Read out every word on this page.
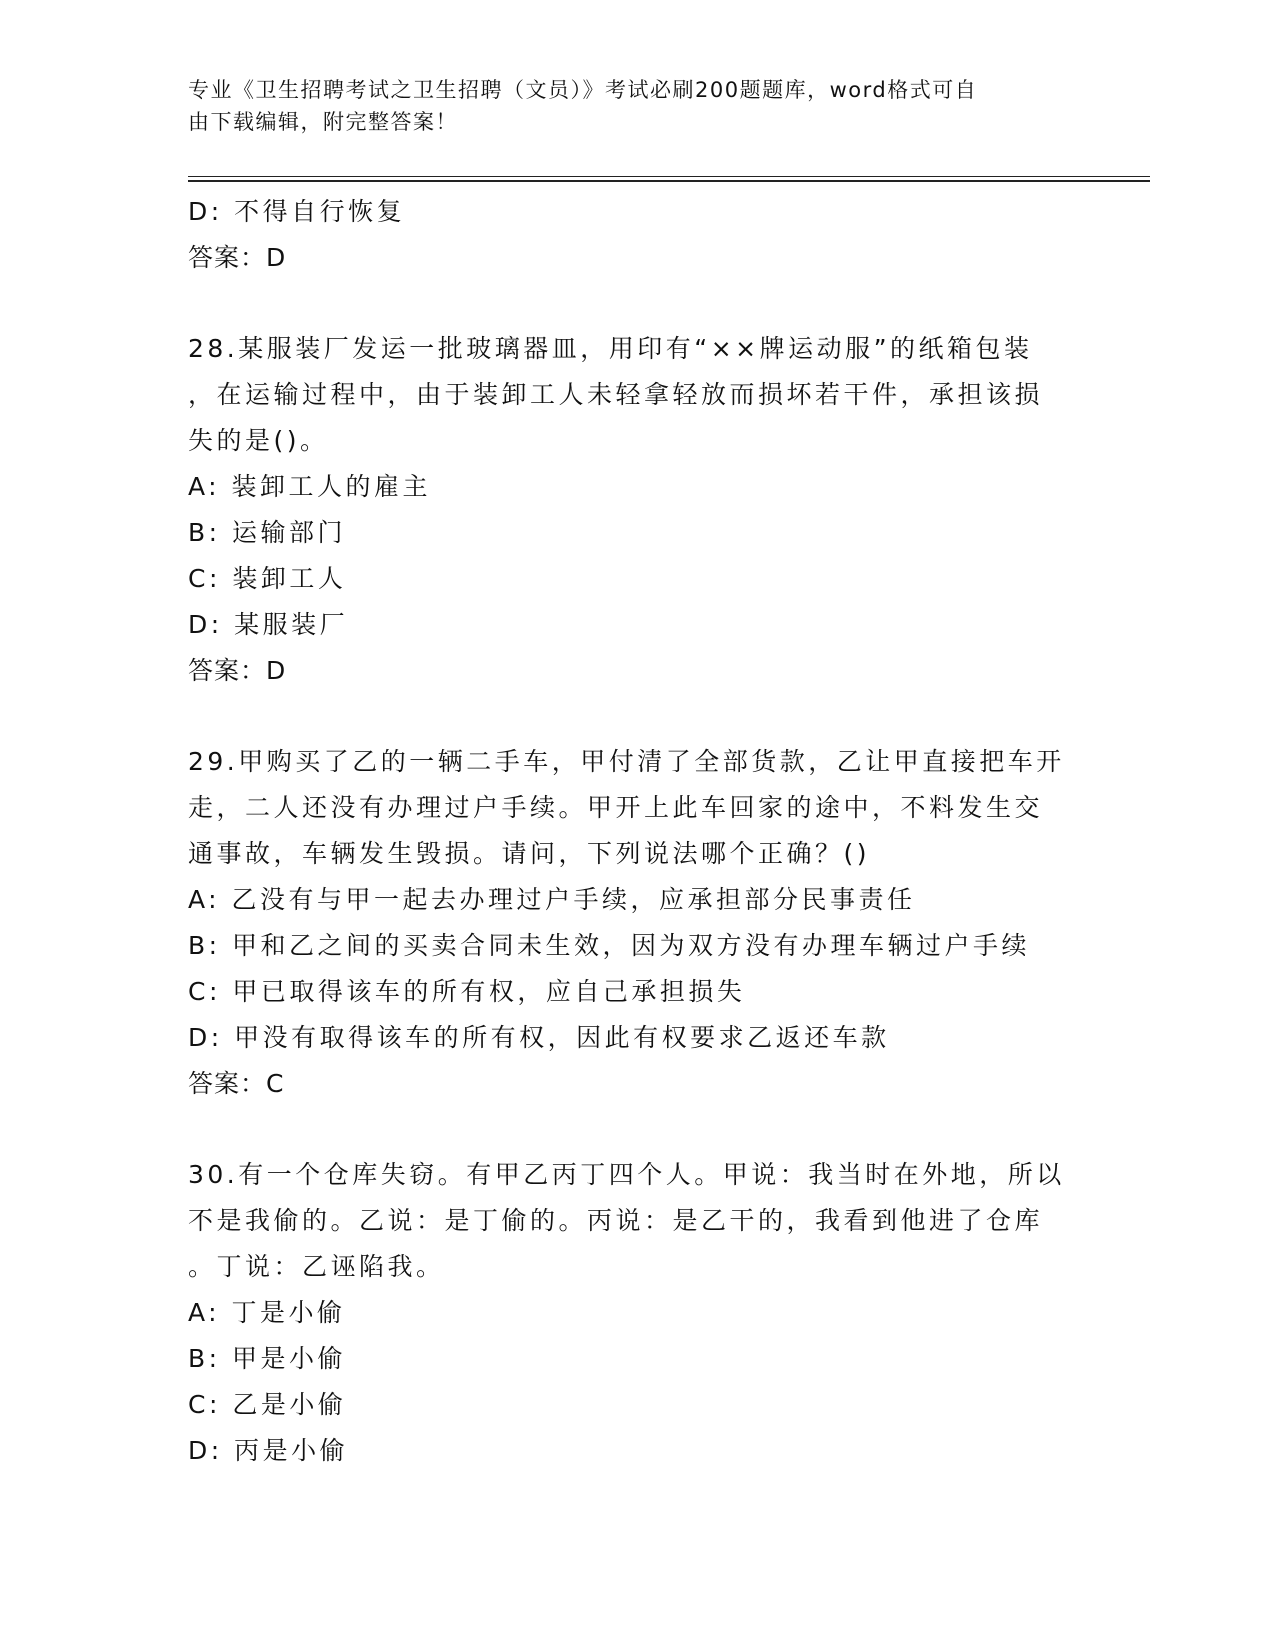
专业《卫生招聘考试之卫生招聘（文员）》考试必刷200题题库，word格式可自
由下载编辑，附完整答案！
D: 不得自行恢复
答案：D
28.某服装厂发运一批玻璃器皿，用印有“××牌运动服”的纸箱包装
，在运输过程中，由于装卸工人未轻拿轻放而损坏若干件，承担该损
失的是()。
A: 装卸工人的雇主
B: 运输部门
C: 装卸工人
D: 某服装厂
答案：D
29.甲购买了乙的一辆二手车，甲付清了全部货款，乙让甲直接把车开
走，二人还没有办理过户手续。甲开上此车回家的途中，不料发生交
通事故，车辆发生毁损。请问，下列说法哪个正确？()
A: 乙没有与甲一起去办理过户手续，应承担部分民事责任
B: 甲和乙之间的买卖合同未生效，因为双方没有办理车辆过户手续
C: 甲已取得该车的所有权，应自己承担损失
D: 甲没有取得该车的所有权，因此有权要求乙返还车款
答案：C
30.有一个仓库失窃。有甲乙丙丁四个人。甲说：我当时在外地，所以
不是我偷的。乙说：是丁偷的。丙说：是乙干的，我看到他进了仓库
。丁说：乙诬陷我。
A: 丁是小偷
B: 甲是小偷
C: 乙是小偷
D: 丙是小偷
